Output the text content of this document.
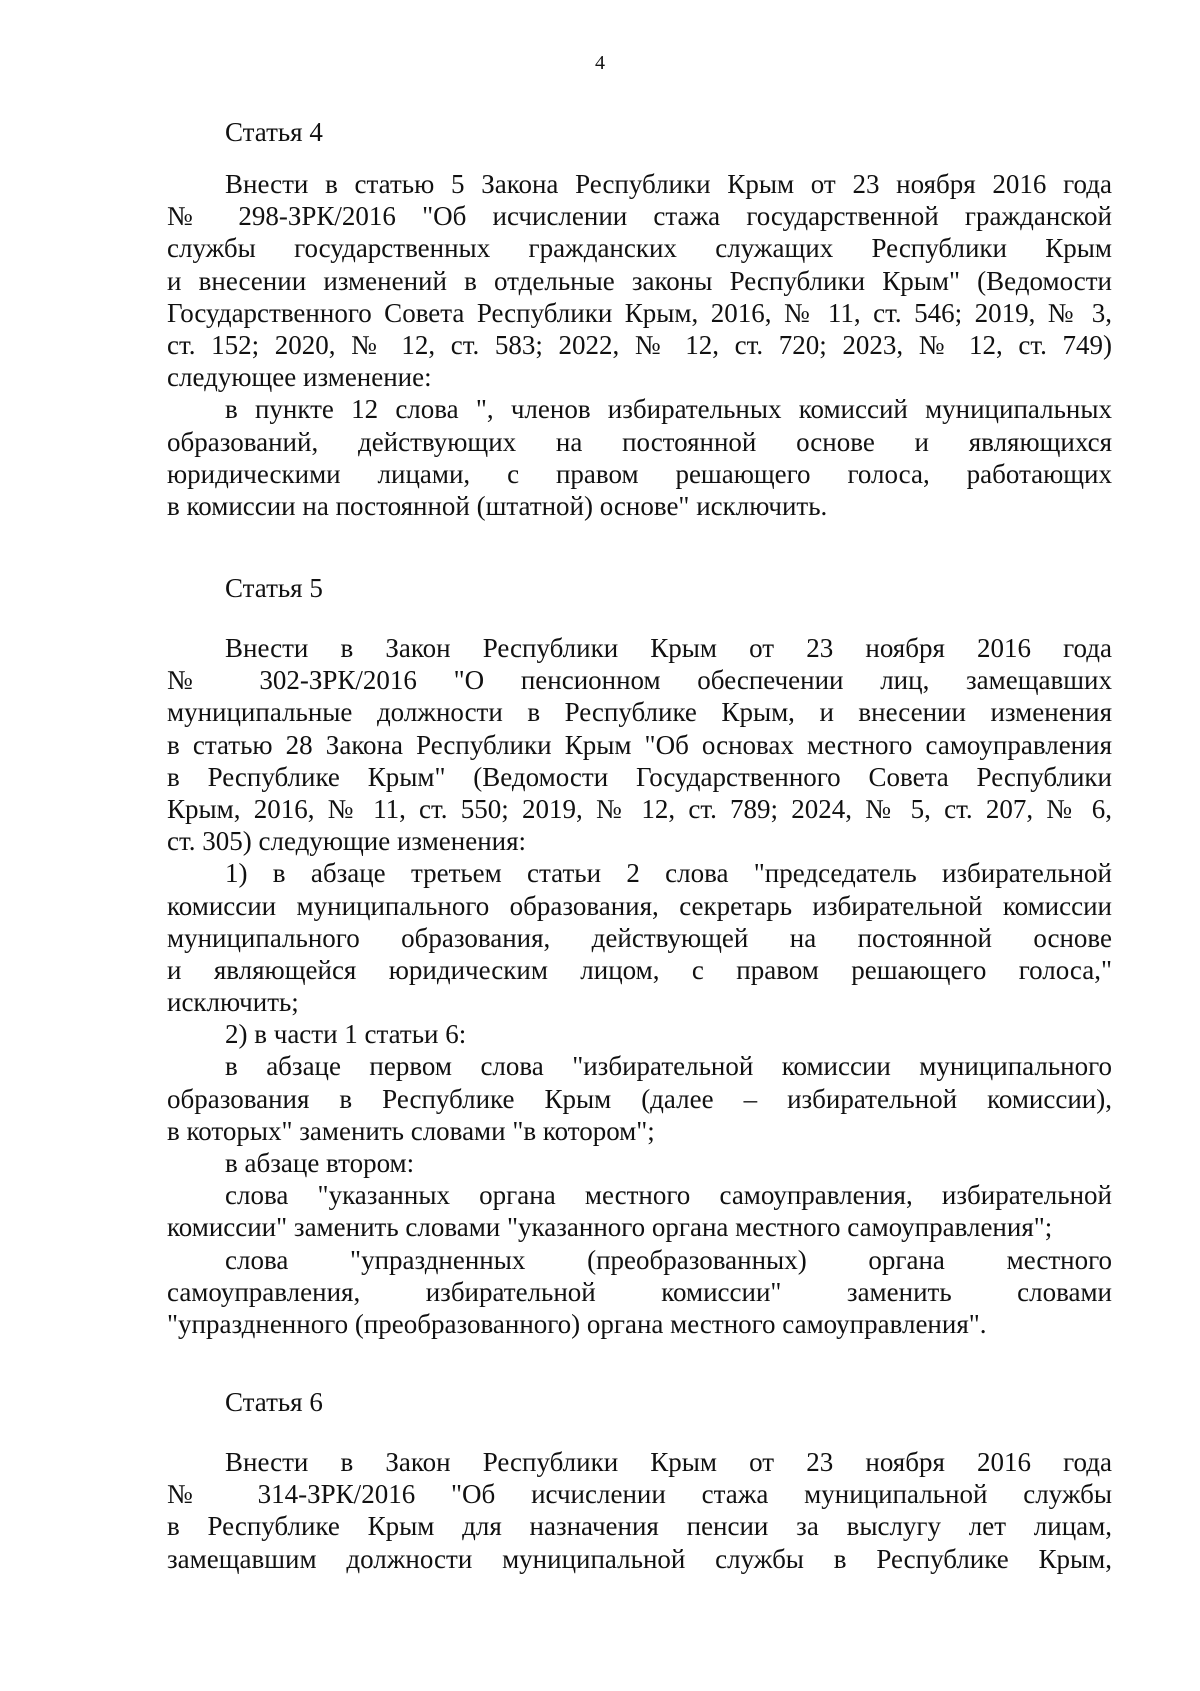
4
Статья 4
Внести в статью 5 Закона Республики Крым от 23 ноября 2016 года
№ 298-ЗРК/2016 "Об исчислении стажа государственной гражданской
службы государственных гражданских служащих Республики Крым
и внесении изменений в отдельные законы Республики Крым" (Ведомости
Государственного Совета Республики Крым, 2016, № 11, ст. 546; 2019, № 3,
ст. 152; 2020, № 12, ст. 583; 2022, № 12, ст. 720; 2023, № 12, ст. 749)
следующее изменение:
в пункте 12 слова ", членов избирательных комиссий муниципальных
образований, действующих на постоянной основе и являющихся
юридическими лицами, с правом решающего голоса, работающих
в комиссии на постоянной (штатной) основе" исключить.
Статья 5
Внести в Закон Республики Крым от 23 ноября 2016 года
№ 302-ЗРК/2016 "О пенсионном обеспечении лиц, замещавших
муниципальные должности в Республике Крым, и внесении изменения
в статью 28 Закона Республики Крым "Об основах местного самоуправления
в Республике Крым" (Ведомости Государственного Совета Республики
Крым, 2016, № 11, ст. 550; 2019, № 12, ст. 789; 2024, № 5, ст. 207, № 6,
ст. 305) следующие изменения:
1) в абзаце третьем статьи 2 слова "председатель избирательной
комиссии муниципального образования, секретарь избирательной комиссии
муниципального образования, действующей на постоянной основе
и являющейся юридическим лицом, с правом решающего голоса,"
исключить;
2) в части 1 статьи 6:
в абзаце первом слова "избирательной комиссии муниципального
образования в Республике Крым (далее – избирательной комиссии),
в которых" заменить словами "в котором";
в абзаце втором:
слова "указанных органа местного самоуправления, избирательной
комиссии" заменить словами "указанного органа местного самоуправления";
слова "упраздненных (преобразованных) органа местного
самоуправления, избирательной комиссии" заменить словами
"упраздненного (преобразованного) органа местного самоуправления".
Статья 6
Внести в Закон Республики Крым от 23 ноября 2016 года
№ 314-ЗРК/2016 "Об исчислении стажа муниципальной службы
в Республике Крым для назначения пенсии за выслугу лет лицам,
замещавшим должности муниципальной службы в Республике Крым,
